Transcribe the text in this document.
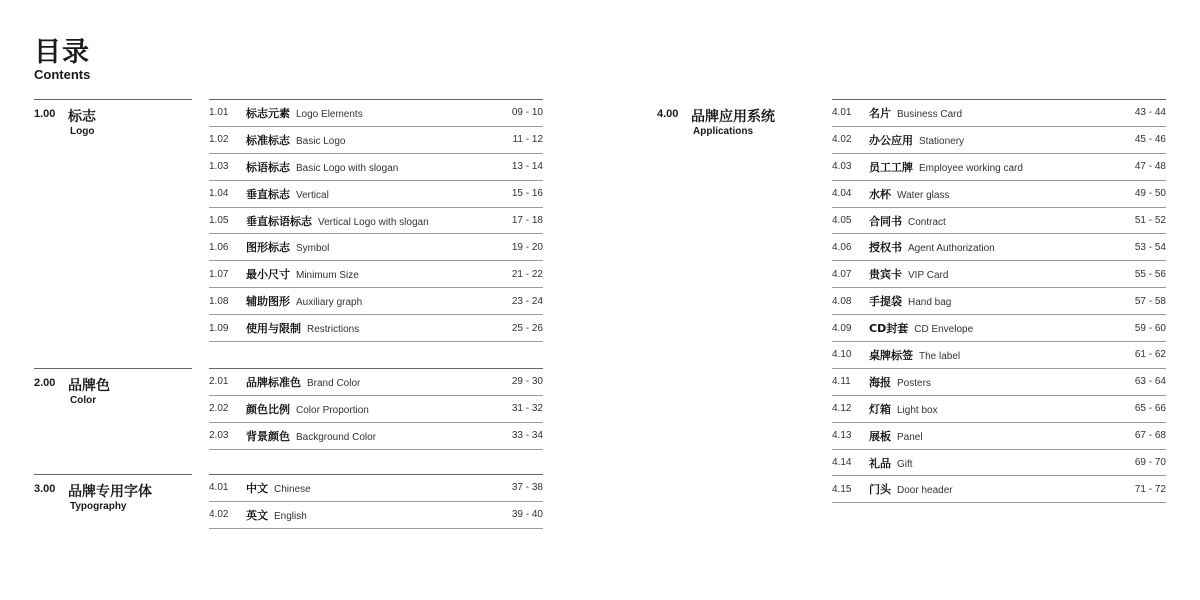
目录
Contents
1.00 标志
Logo
2.00 品牌色
Color
3.00 品牌专用字体
Typography
4.00 品牌应用系统
Applications
1.01 标志元素 Logo Elements	09 - 10
1.02 标准标志 Basic Logo	11 - 12
1.03 标语标志 Basic Logo with slogan	13 - 14
1.04 垂直标志 Vertical	15 - 16
1.05 垂直标语标志 Vertical Logo with slogan	17 - 18
1.06 图形标志 Symbol	19 - 20
1.07 最小尺寸 Minimum Size	21 - 22
1.08 辅助图形 Auxiliary graph	23 - 24
1.09 使用与限制 Restrictions	25 - 26
2.01 品牌标准色 Brand Color	29 - 30
2.02 颜色比例 Color Proportion	31 - 32
2.03 背景颜色 Background Color	33 - 34
4.01 中文 Chinese	37 - 38
4.02 英文 English	39 - 40
4.01 名片 Business Card	43 - 44
4.02 办公应用 Stationery	45 - 46
4.03 员工工牌 Employee working card	47 - 48
4.04 水杯 Water glass	49 - 50
4.05 合同书 Contract	51 - 52
4.06 授权书 Agent Authorization	53 - 54
4.07 贵宾卡 VIP Card	55 - 56
4.08 手提袋 Hand bag	57 - 58
4.09 CD封套 CD Envelope	59 - 60
4.10 桌牌标签 The label	61 - 62
4.11 海报 Posters	63 - 64
4.12 灯箱 Light box	65 - 66
4.13 展板 Panel	67 - 68
4.14 礼品 Gift	69 - 70
4.15 门头 Door header	71 - 72
